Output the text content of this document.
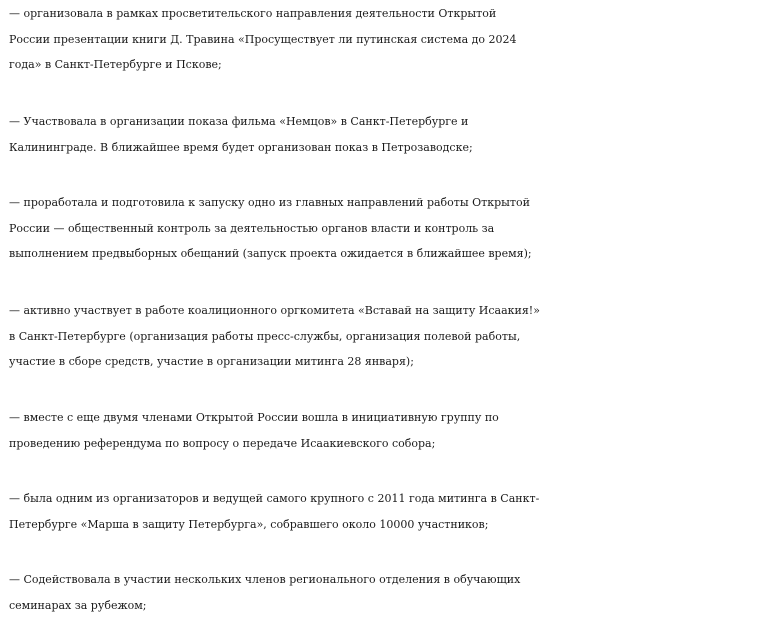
— организовала в рамках просветительского направления деятельности Открытой
России презентации книги Д. Травина «Просуществует ли путинская система до 2024
года» в Санкт-Петербурге и Пскове;

— Участвовала в организации показа фильма «Немцов» в Санкт-Петербурге и
Калининграде. В ближайшее время будет организован показ в Петрозаводске;

— проработала и подготовила к запуску одно из главных направлений работы Открытой
России — общественный контроль за деятельностью органов власти и контроль за
выполнением предвыборных обещаний (запуск проекта ожидается в ближайшее время);

— активно участвует в работе коалиционного оргкомитета «Вставай на защиту Исаакия!»
в Санкт-Петербурге (организация работы пресс-службы, организация полевой работы,
участие в сборе средств, участие в организации митинга 28 января);

— вместе с еще двумя членами Открытой России вошла в инициативную группу по
проведению референдума по вопросу о передаче Исаакиевского собора;

— была одним из организаторов и ведущей самого крупного с 2011 года митинга в Санкт-
Петербурге «Марша в защиту Петербурга», собравшего около 10000 участников;

— Содействовала в участии нескольких членов регионального отделения в обучающих
семинарах за рубежом;
